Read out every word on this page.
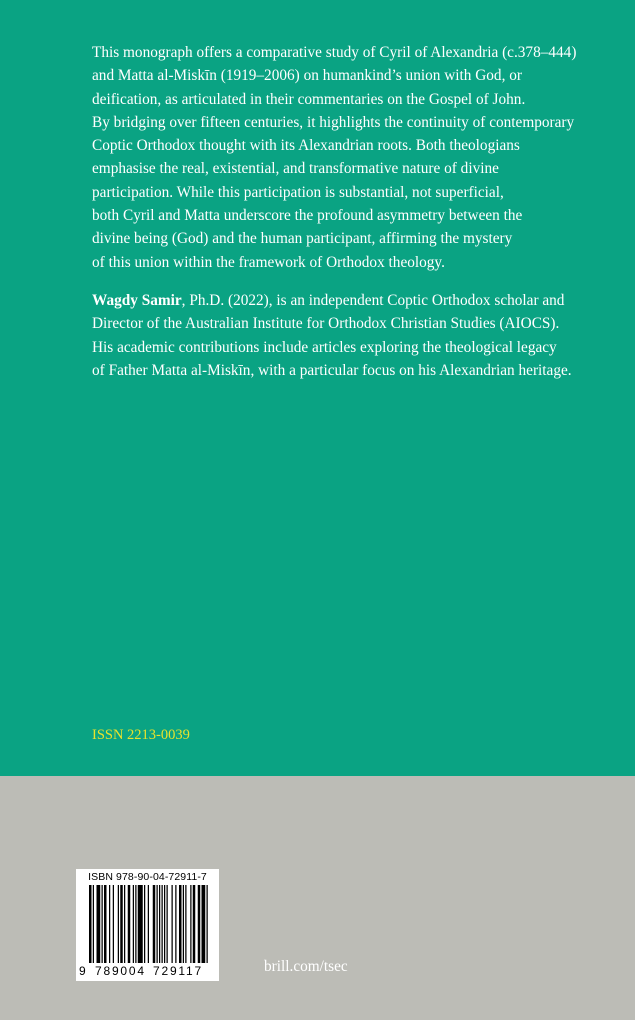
This monograph offers a comparative study of Cyril of Alexandria (c.378–444)
and Matta al-Miskīn (1919–2006) on humankind’s union with God, or
deification, as articulated in their commentaries on the Gospel of John.
By bridging over fifteen centuries, it highlights the continuity of contemporary
Coptic Orthodox thought with its Alexandrian roots. Both theologians
emphasise the real, existential, and transformative nature of divine
participation. While this participation is substantial, not superficial,
both Cyril and Matta underscore the profound asymmetry between the
divine being (God) and the human participant, affirming the mystery
of this union within the framework of Orthodox theology.

Wagdy Samir, Ph.D. (2022), is an independent Coptic Orthodox scholar and
Director of the Australian Institute for Orthodox Christian Studies (AIOCS).
His academic contributions include articles exploring the theological legacy
of Father Matta al-Miskīn, with a particular focus on his Alexandrian heritage.

ISSN 2213-0039
brill.com/tsec
ISBN 978-90-04-72911-7
9 789004 729117
